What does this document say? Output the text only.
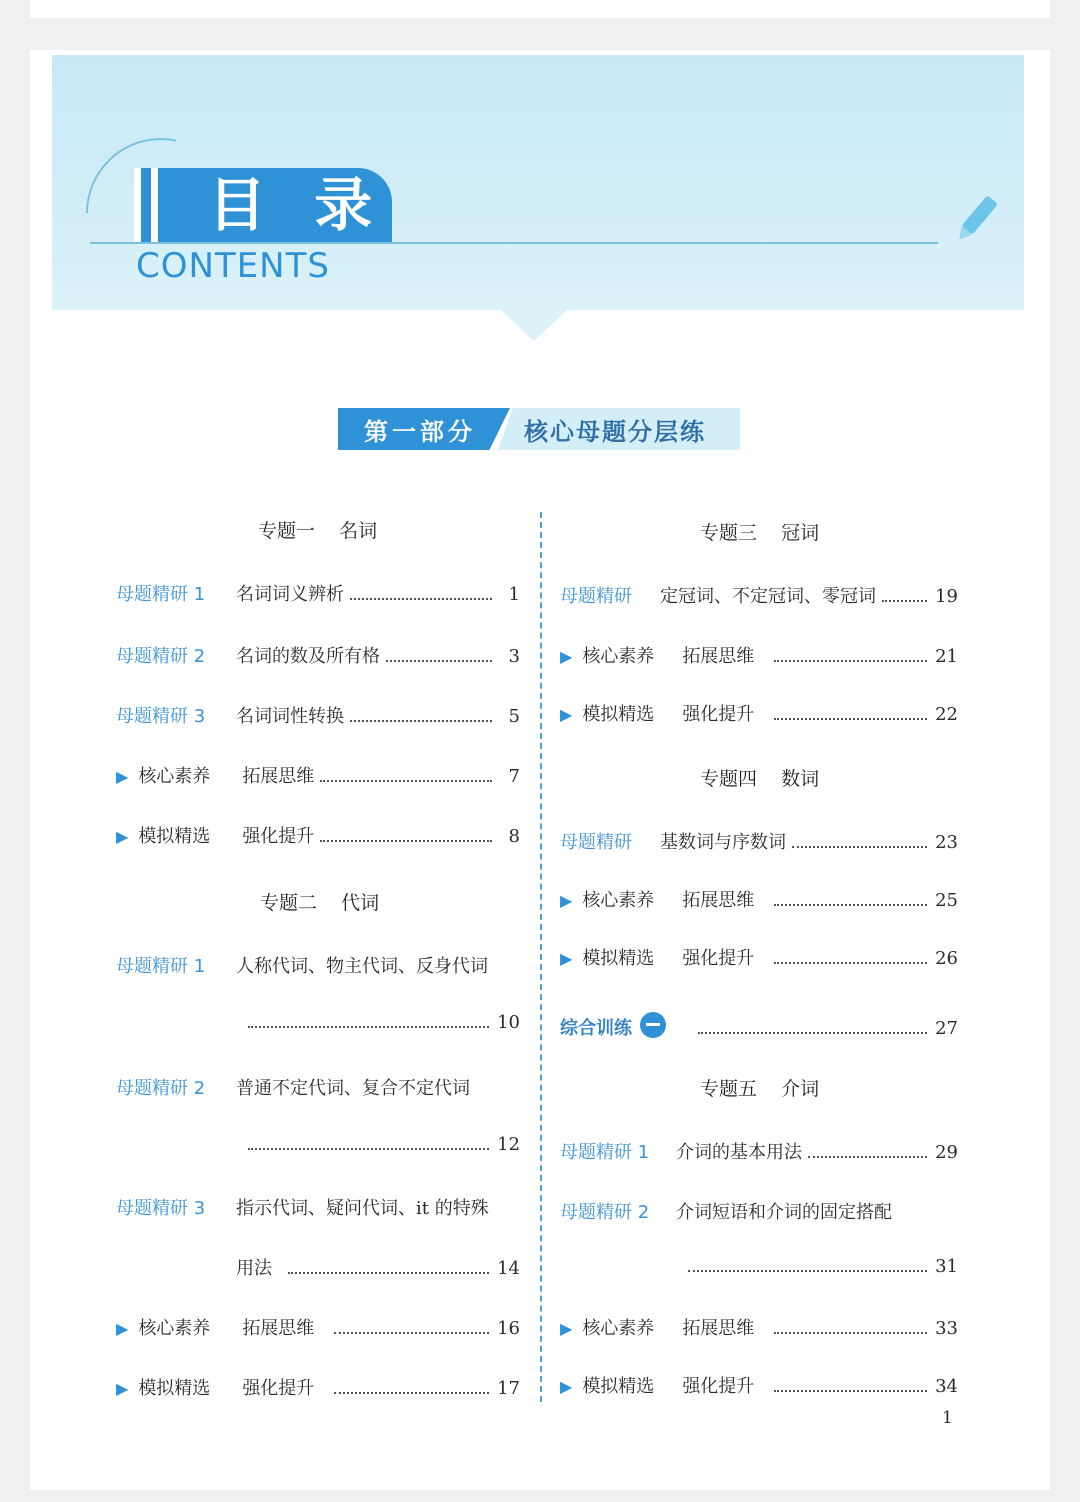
目 录
CONTENTS
第一部分 核心母题分层练
专题一    名词
母题精研 1	名词词义辨析	1
母题精研 2	名词的数及所有格	3
母题精研 3	名词词性转换	5
▶ 核心素养	拓展思维	7
▶ 模拟精选	强化提升	8
专题二    代词
母题精研 1	人称代词、物主代词、反身代词
10
母题精研 2	普通不定代词、复合不定代词
12
母题精研 3	指示代词、疑问代词、it 的特殊
用法	14
▶ 核心素养	拓展思维	16
▶ 模拟精选	强化提升	17
专题三    冠词
母题精研	定冠词、不定冠词、零冠词	19
▶ 核心素养	拓展思维	21
▶ 模拟精选	强化提升	22
专题四    数词
母题精研	基数词与序数词	23
▶ 核心素养	拓展思维	25
▶ 模拟精选	强化提升	26
综合训练	27
专题五    介词
母题精研 1	介词的基本用法	29
母题精研 2	介词短语和介词的固定搭配
31
▶ 核心素养	拓展思维	33
▶ 模拟精选	强化提升	34
1
